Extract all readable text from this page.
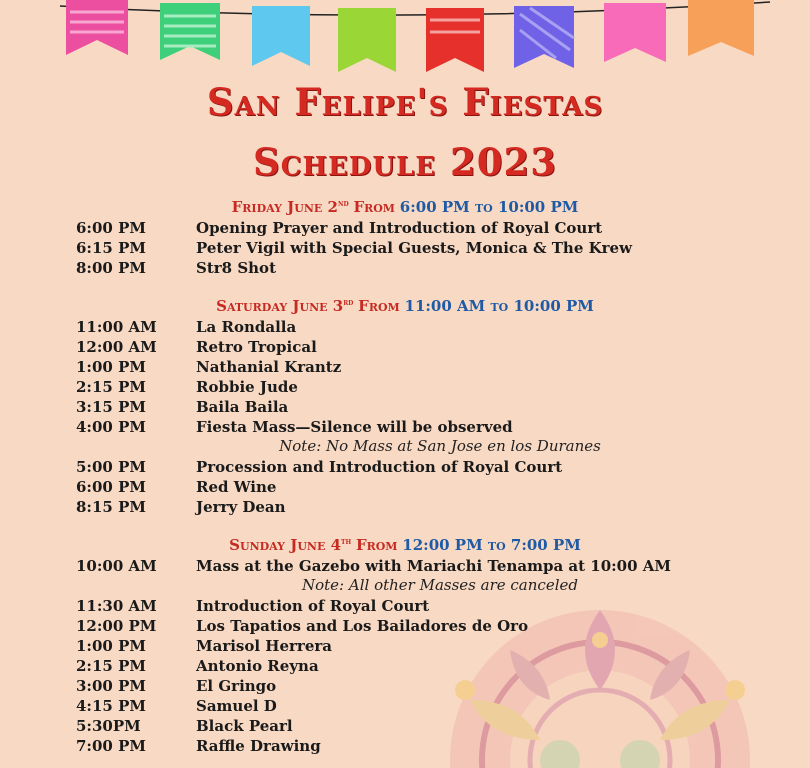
San Felipe's Fiestas
Schedule 2023
Friday June 2nd From 6:00 PM to 10:00 PM
6:00 PM	Opening Prayer and Introduction of Royal Court
6:15 PM	Peter Vigil with Special Guests, Monica & The Krew
8:00 PM	Str8 Shot
Saturday June 3rd From 11:00 AM to 10:00 PM
11:00 AM	La Rondalla
12:00 AM	Retro Tropical
1:00 PM	Nathanial Krantz
2:15 PM	Robbie Jude
3:15 PM	Baila Baila
4:00 PM	Fiesta Mass—Silence will be observed
Note: No Mass at San Jose en los Duranes
5:00 PM	Procession and Introduction of Royal Court
6:00 PM	Red Wine
8:15 PM	Jerry Dean
Sunday June 4th From 12:00 PM to 7:00 PM
10:00 AM	Mass at the Gazebo with Mariachi Tenampa at 10:00 AM
Note: All other Masses are canceled
11:30 AM	Introduction of Royal Court
12:00 PM	Los Tapatios and Los Bailadores de Oro
1:00 PM	Marisol Herrera
2:15 PM	Antonio Reyna
3:00 PM	El Gringo
4:15 PM	Samuel D
5:30PM	Black Pearl
7:00 PM	Raffle Drawing
